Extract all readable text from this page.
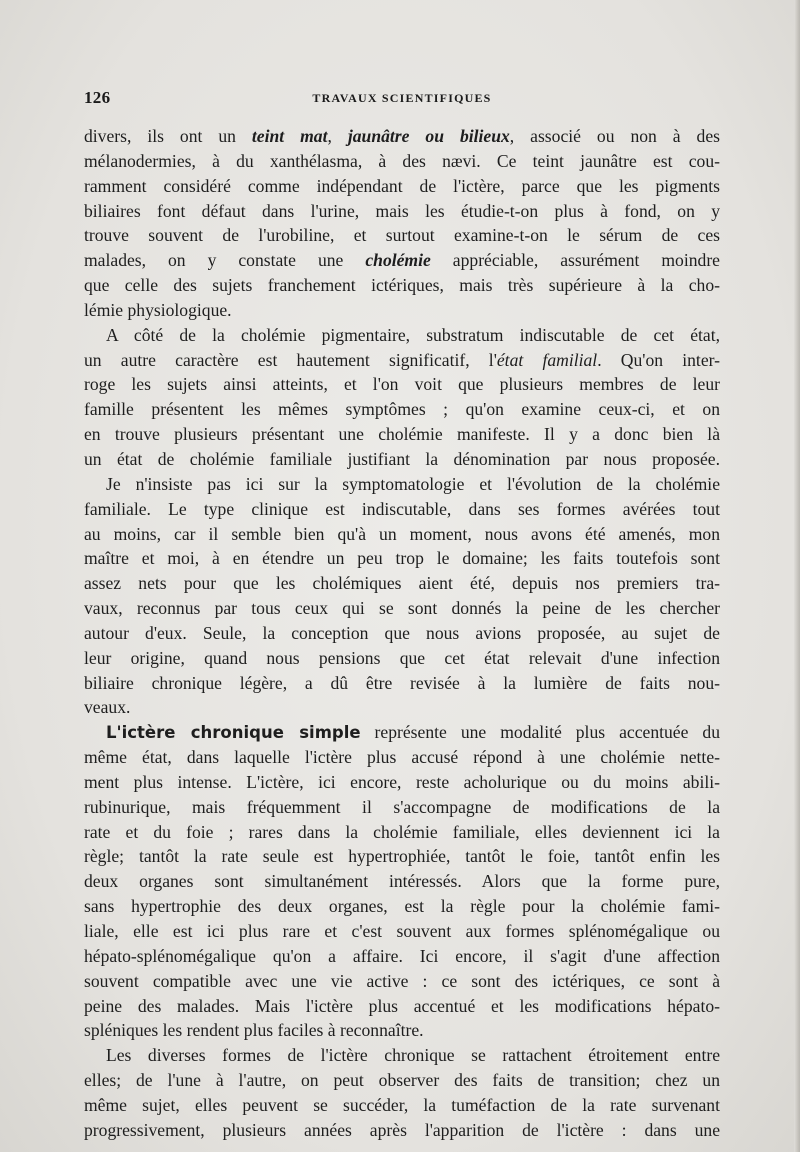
126	TRAVAUX SCIENTIFIQUES
divers, ils ont un teint mat, jaunâtre ou bilieux, associé ou non à des
mélanodermies, à du xanthélasma, à des nævi. Ce teint jaunâtre est cou-
ramment considéré comme indépendant de l'ictère, parce que les pigments
biliaires font défaut dans l'urine, mais les étudie-t-on plus à fond, on y
trouve souvent de l'urobiline, et surtout examine-t-on le sérum de ces
malades, on y constate une cholémie appréciable, assurément moindre
que celle des sujets franchement ictériques, mais très supérieure à la cho-
lémie physiologique.
A côté de la cholémie pigmentaire, substratum indiscutable de cet état,
un autre caractère est hautement significatif, l'état familial. Qu'on inter-
roge les sujets ainsi atteints, et l'on voit que plusieurs membres de leur
famille présentent les mêmes symptômes ; qu'on examine ceux-ci, et on
en trouve plusieurs présentant une cholémie manifeste. Il y a donc bien là
un état de cholémie familiale justifiant la dénomination par nous proposée.
Je n'insiste pas ici sur la symptomatologie et l'évolution de la cholémie
familiale. Le type clinique est indiscutable, dans ses formes avérées tout
au moins, car il semble bien qu'à un moment, nous avons été amenés, mon
maître et moi, à en étendre un peu trop le domaine; les faits toutefois sont
assez nets pour que les cholémiques aient été, depuis nos premiers tra-
vaux, reconnus par tous ceux qui se sont donnés la peine de les chercher
autour d'eux. Seule, la conception que nous avions proposée, au sujet de
leur origine, quand nous pensions que cet état relevait d'une infection
biliaire chronique légère, a dû être revisée à la lumière de faits nou-
veaux.
L'ictère chronique simple représente une modalité plus accentuée du
même état, dans laquelle l'ictère plus accusé répond à une cholémie nette-
ment plus intense. L'ictère, ici encore, reste acholurique ou du moins abili-
rubinurique, mais fréquemment il s'accompagne de modifications de la
rate et du foie ; rares dans la cholémie familiale, elles deviennent ici la
règle; tantôt la rate seule est hypertrophiée, tantôt le foie, tantôt enfin les
deux organes sont simultanément intéressés. Alors que la forme pure,
sans hypertrophie des deux organes, est la règle pour la cholémie fami-
liale, elle est ici plus rare et c'est souvent aux formes splénomégalique ou
hépato-splénomégalique qu'on a affaire. Ici encore, il s'agit d'une affection
souvent compatible avec une vie active : ce sont des ictériques, ce sont à
peine des malades. Mais l'ictère plus accentué et les modifications hépato-
spléniques les rendent plus faciles à reconnaître.
Les diverses formes de l'ictère chronique se rattachent étroitement entre
elles; de l'une à l'autre, on peut observer des faits de transition; chez un
même sujet, elles peuvent se succéder, la tuméfaction de la rate survenant
progressivement, plusieurs années après l'apparition de l'ictère : dans une
